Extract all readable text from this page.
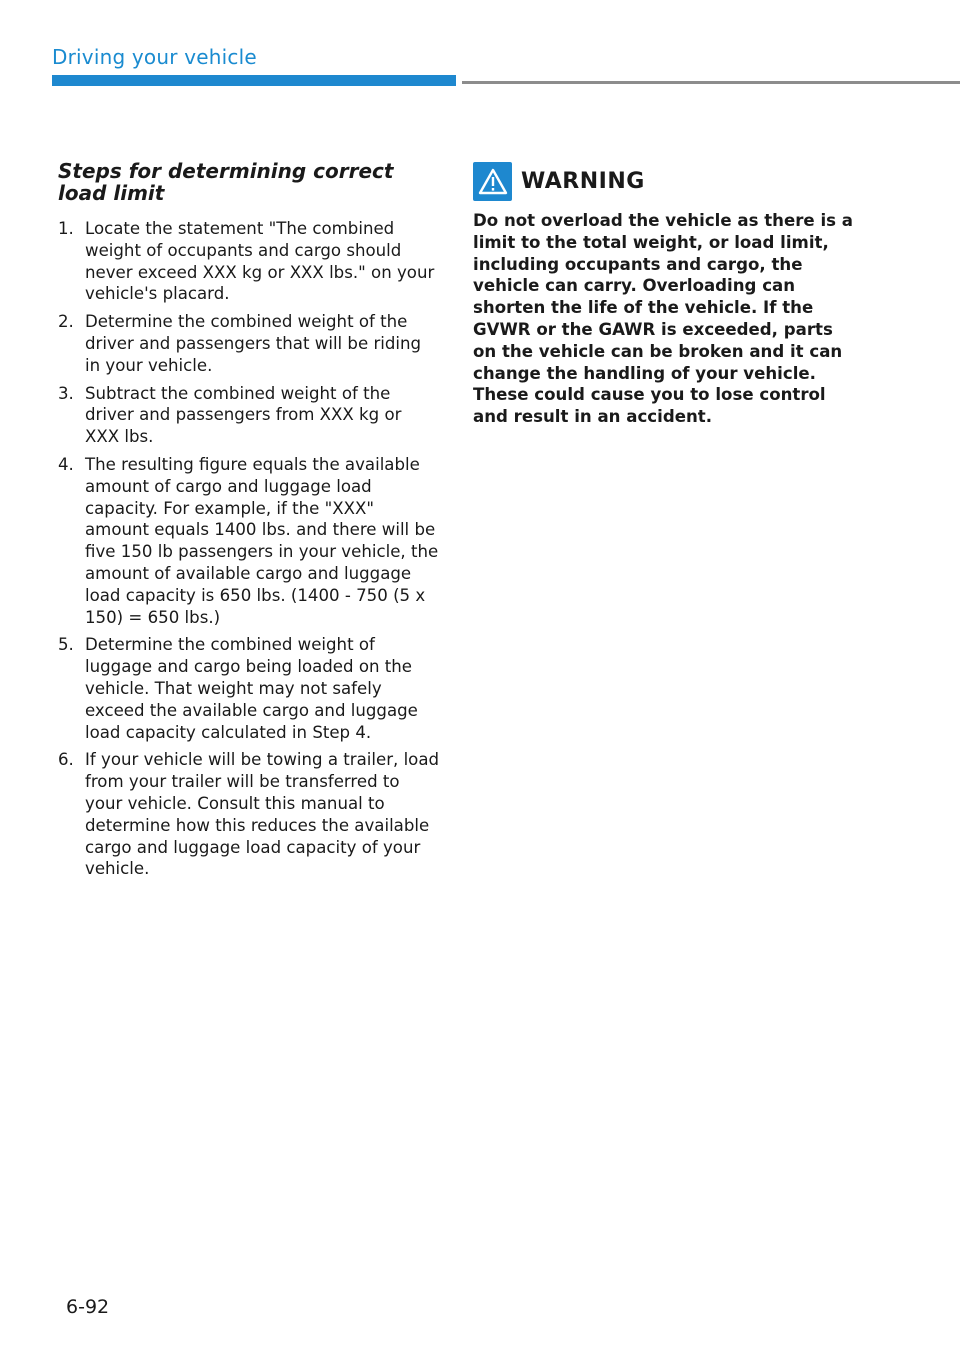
Driving your vehicle
Steps for determining correct load limit
1. Locate the statement "The combined weight of occupants and cargo should never exceed XXX kg or XXX lbs." on your vehicle's placard.
2. Determine the combined weight of the driver and passengers that will be riding in your vehicle.
3. Subtract the combined weight of the driver and passengers from XXX kg or XXX lbs.
4. The resulting figure equals the available amount of cargo and luggage load capacity. For example, if the "XXX" amount equals 1400 lbs. and there will be five 150 lb passengers in your vehicle, the amount of available cargo and luggage load capacity is 650 lbs. (1400 - 750 (5 x 150) = 650 lbs.)
5. Determine the combined weight of luggage and cargo being loaded on the vehicle. That weight may not safely exceed the available cargo and luggage load capacity calculated in Step 4.
6. If your vehicle will be towing a trailer, load from your trailer will be transferred to your vehicle. Consult this manual to determine how this reduces the available cargo and luggage load capacity of your vehicle.
WARNING

Do not overload the vehicle as there is a limit to the total weight, or load limit, including occupants and cargo, the vehicle can carry. Overloading can shorten the life of the vehicle. If the GVWR or the GAWR is exceeded, parts on the vehicle can be broken and it can change the handling of your vehicle. These could cause you to lose control and result in an accident.

6-92
